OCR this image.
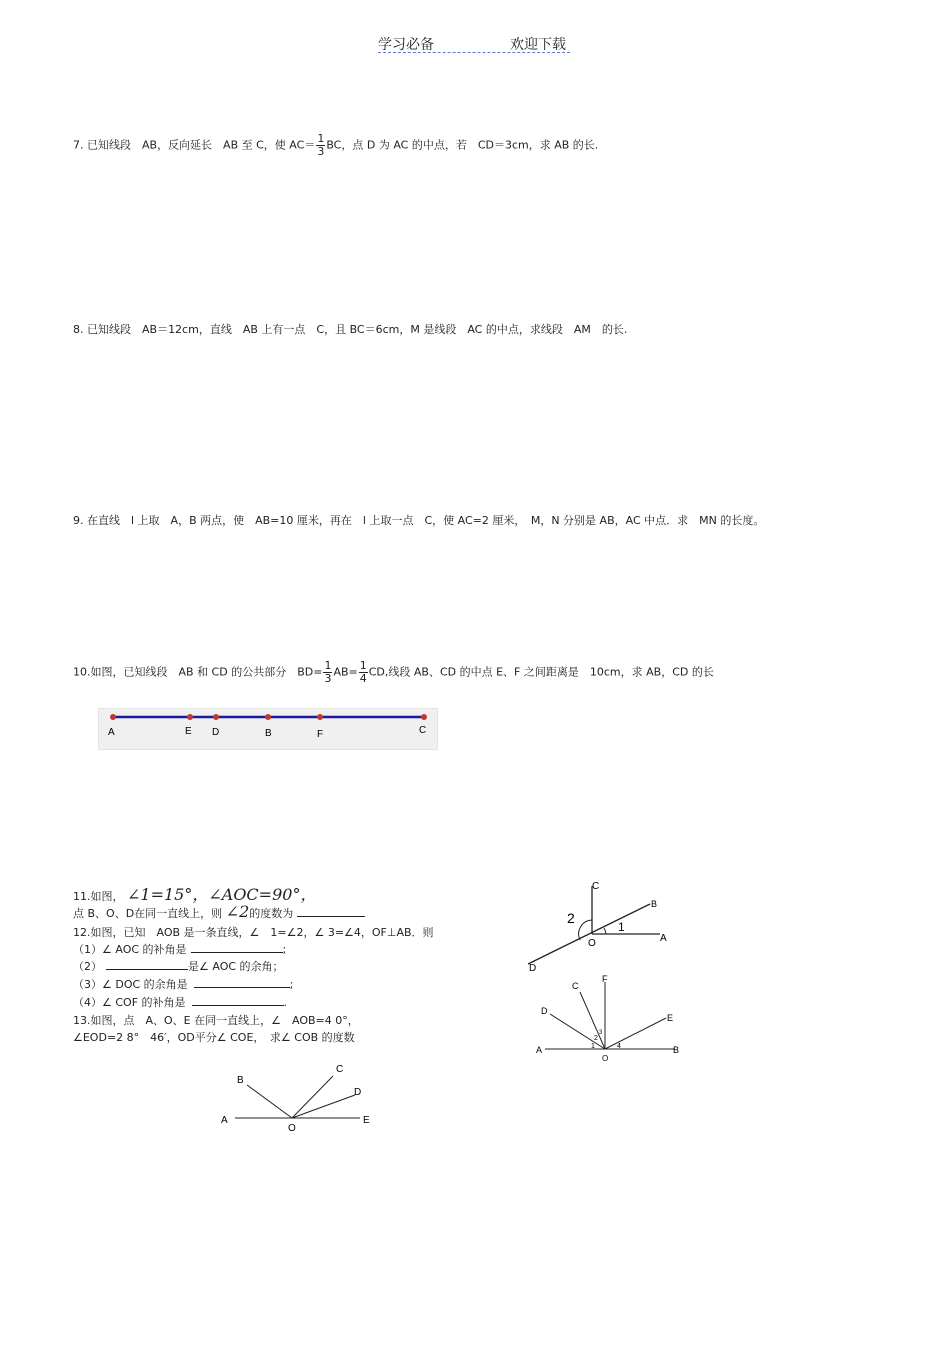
学习必备	欢迎下载
7. 已知线段　AB，反向延长　AB 至 C，使 $AC= \frac{1}{3}$ BC，点 D 为 AC 的中点，若　CD＝3cm，求 AB 的长.
8. 已知线段　AB＝12cm，直线　AB 上有一点　C，且 BC＝6cm，M 是线段　AC 的中点，求线段　AM　的长.
9. 在直线　l 上取　A，B 两点，使　AB=10 厘米，再在　l 上取一点　C，使 AC=2 厘米，　M，N 分别是 AB，AC 中点．求　MN 的长度。
10.如图，已知线段　AB 和 CD 的公共部分　$BD= \frac{1}{3} AB= \frac{1}{4}$ CD,线段 AB、CD 的中点 E、F 之间距离是　10cm，求 AB，CD 的长
A	E D	B	F	C
11.如图， ∠1=15°，∠AOC=90°，
点 B、O、D在同一直线上，则 ∠2的度数为
12.如图，已知　AOB 是一条直线，∠　1=∠2，∠ 3=∠4，OF⊥AB．则
（1）∠ AOC 的补角是	;
（2）	是∠ AOC 的余角；
（3）∠ DOC 的余角是	;
（4）∠ COF 的补角是	.
13.如图，点　A、O、E 在同一直线上，∠　AOB=4 0°，
∠EOD=2 8°　46′，OD平分∠ COE，　求∠ COB 的度数
C
B
A
D
O
2
1
F
C
D
E
A	B
O
1
2
3
4
B
C
D
A
O
E
